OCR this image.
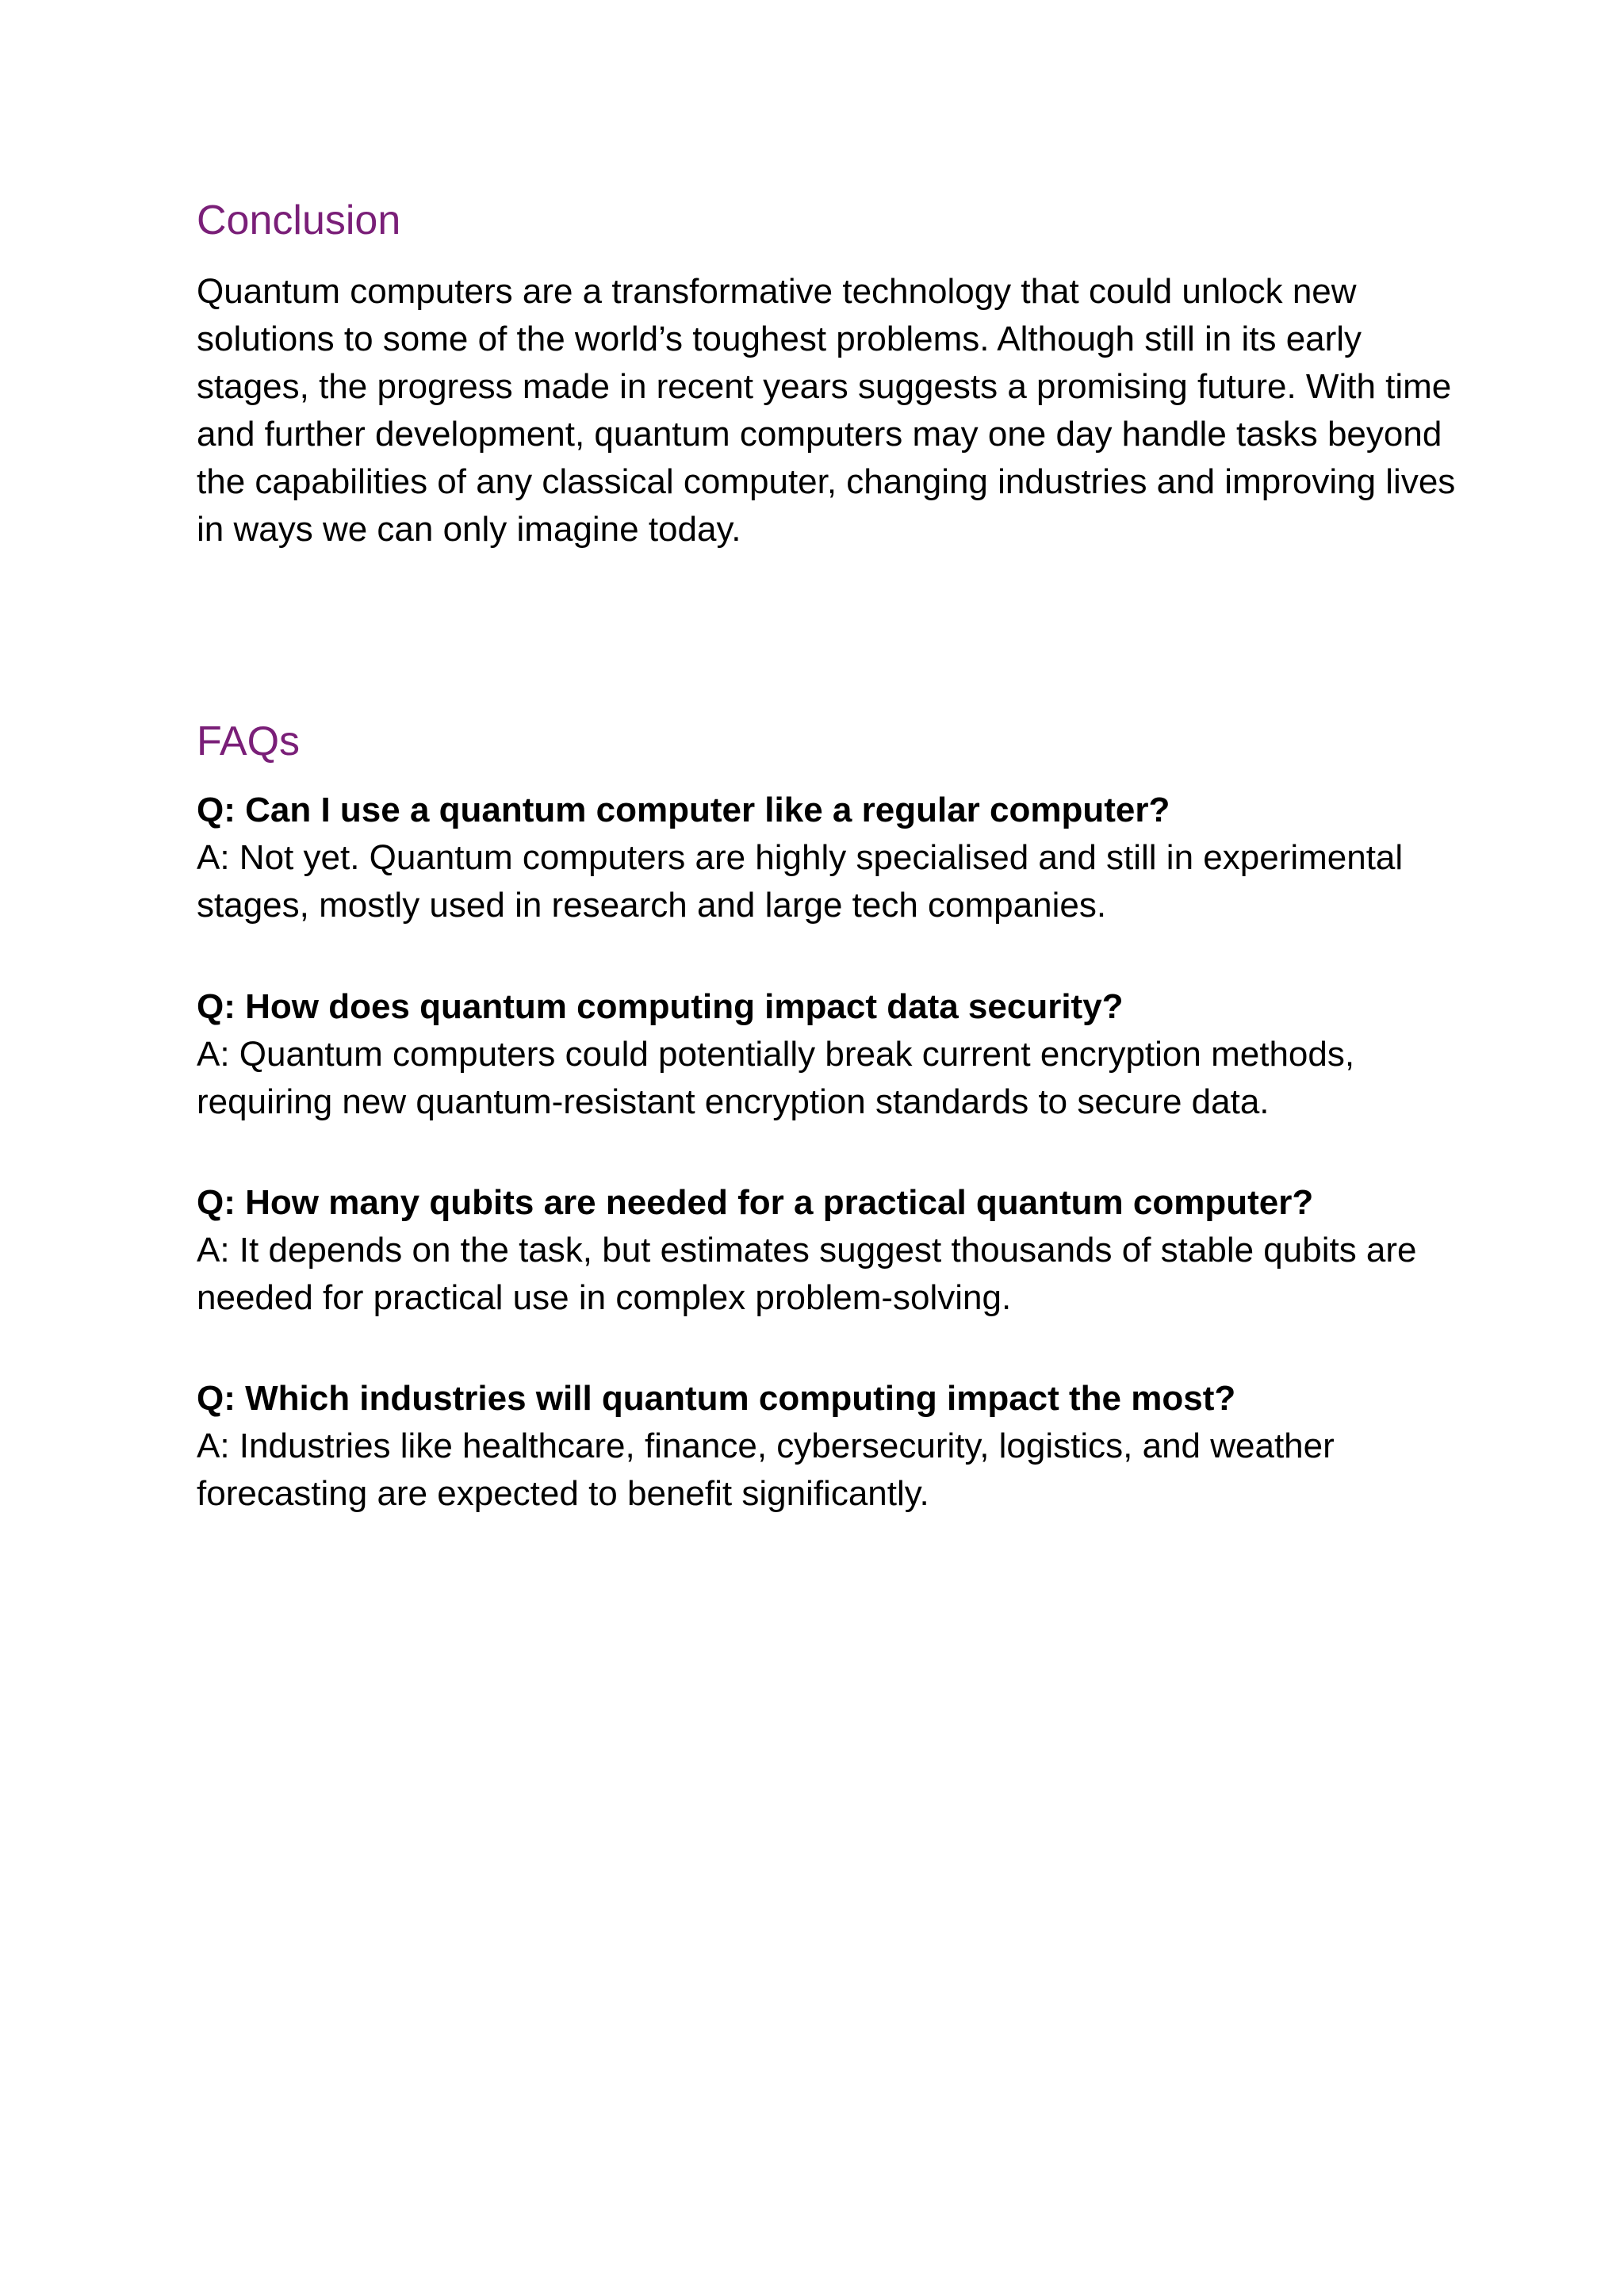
Conclusion

Quantum computers are a transformative technology that could unlock new solutions to some of the world’s toughest problems. Although still in its early stages, the progress made in recent years suggests a promising future. With time and further development, quantum computers may one day handle tasks beyond the capabilities of any classical computer, changing industries and improving lives in ways we can only imagine today.

FAQs
Q: Can I use a quantum computer like a regular computer?
A: Not yet. Quantum computers are highly specialised and still in experimental stages, mostly used in research and large tech companies.
Q: How does quantum computing impact data security?
A: Quantum computers could potentially break current encryption methods, requiring new quantum-resistant encryption standards to secure data.
Q: How many qubits are needed for a practical quantum computer?
A: It depends on the task, but estimates suggest thousands of stable qubits are needed for practical use in complex problem-solving.
Q: Which industries will quantum computing impact the most?
A: Industries like healthcare, finance, cybersecurity, logistics, and weather forecasting are expected to benefit significantly.
